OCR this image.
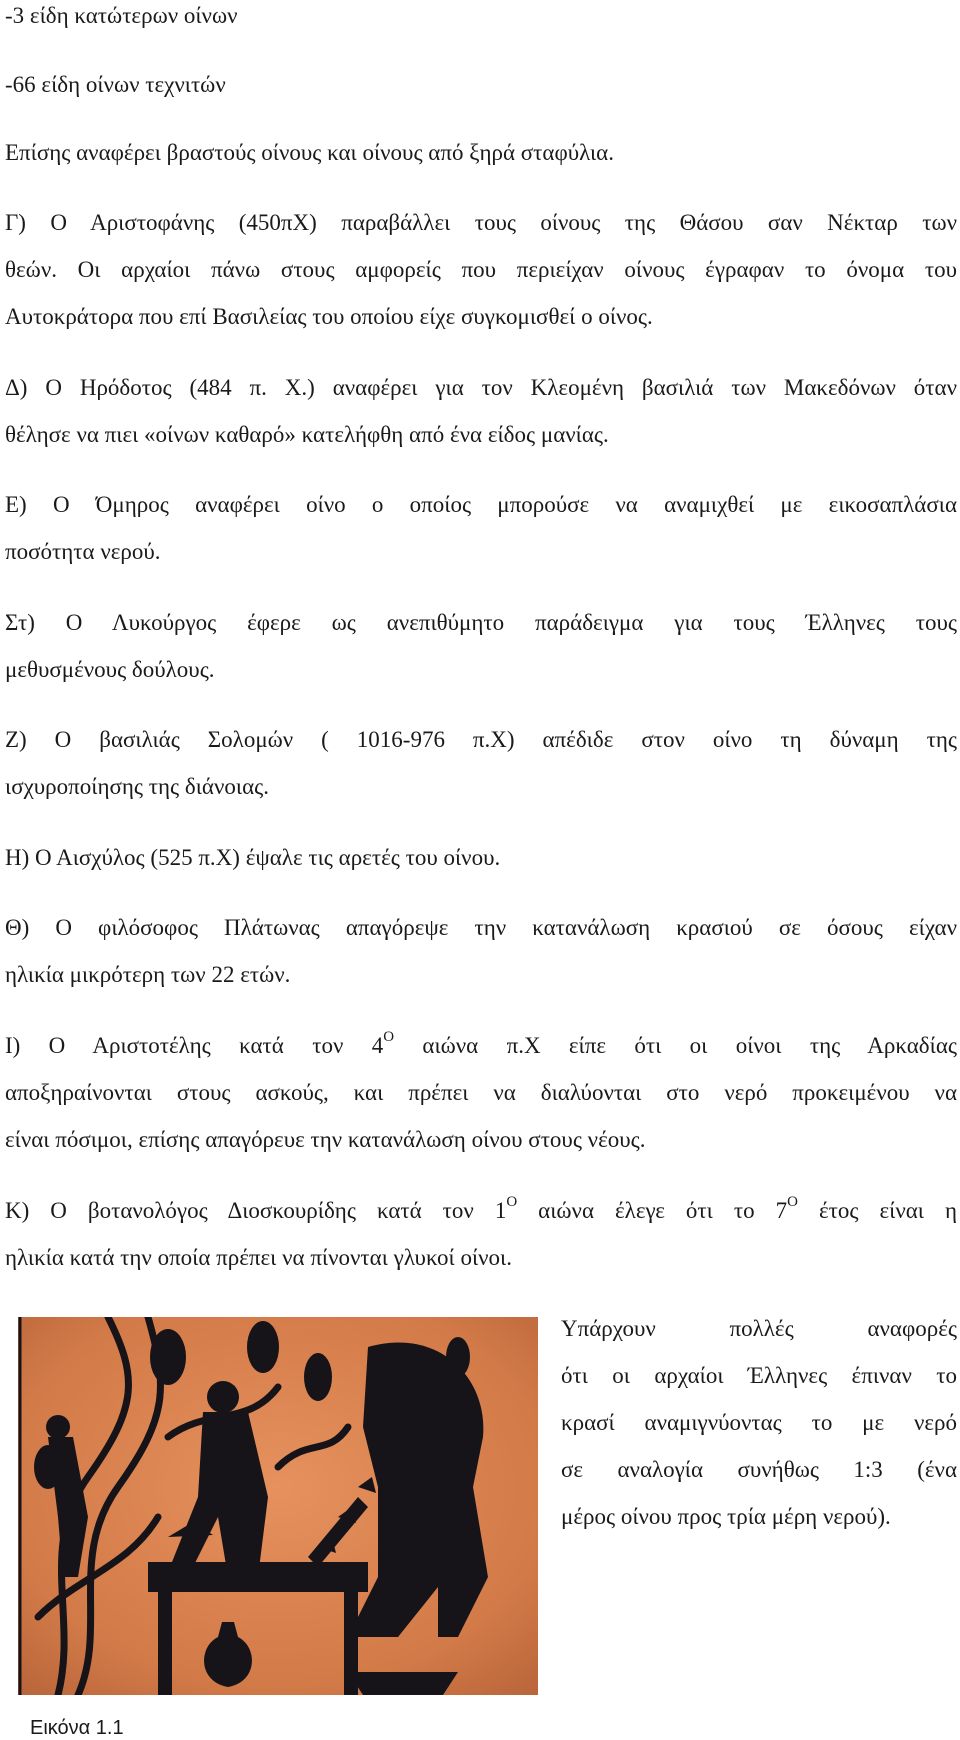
-3 είδη κατώτερων οίνων
-66 είδη οίνων τεχνιτών
Επίσης αναφέρει βραστούς οίνους και οίνους από ξηρά σταφύλια.
Γ) Ο Αριστοφάνης (450πΧ) παραβάλλει τους οίνους της Θάσου σαν Νέκταρ των
θεών. Οι αρχαίοι πάνω στους αμφορείς που περιείχαν οίνους έγραφαν το όνομα του
Αυτοκράτορα που επί Βασιλείας του οποίου είχε συγκομισθεί ο οίνος.
Δ) Ο Ηρόδοτος (484 π. Χ.) αναφέρει για τον Κλεομένη βασιλιά των Μακεδόνων όταν
θέλησε να πιει «οίνων καθαρό» κατελήφθη από ένα είδος μανίας.
Ε) Ο Όμηρος αναφέρει οίνο ο οποίος μπορούσε να αναμιχθεί με εικοσαπλάσια
ποσότητα νερού.
Στ) Ο Λυκούργος έφερε ως ανεπιθύμητο παράδειγμα για τους Έλληνες τους
μεθυσμένους δούλους.
Ζ) Ο βασιλιάς Σολομών ( 1016-976 π.Χ) απέδιδε στον οίνο τη δύναμη της
ισχυροποίησης της διάνοιας.
Η) Ο Αισχύλος (525 π.Χ) έψαλε τις αρετές του οίνου.
Θ) Ο φιλόσοφος Πλάτωνας απαγόρεψε την κατανάλωση κρασιού σε όσους είχαν
ηλικία μικρότερη των 22 ετών.
Ι) Ο Αριστοτέλης κατά τον $4^O$ αιώνα π.Χ είπε ότι οι οίνοι της Αρκαδίας
αποξηραίνονται στους ασκούς, και πρέπει να διαλύονται στο νερό προκειμένου να
είναι πόσιμοι, επίσης απαγόρευε την κατανάλωση οίνου στους νέους.
Κ) Ο βοτανολόγος Διοσκουρίδης κατά τον $1^O$ αιώνα έλεγε ότι το $7^O$ έτος είναι η
ηλικία κατά την οποία πρέπει να πίνονται γλυκοί οίνοι.
Υπάρχουν πολλές αναφορές
ότι οι αρχαίοι Έλληνες έπιναν το
κρασί αναμιγνύοντας το με νερό
σε αναλογία συνήθως 1:3 (ένα
μέρος οίνου προς τρία μέρη νερού).
Εικόνα 1.1
